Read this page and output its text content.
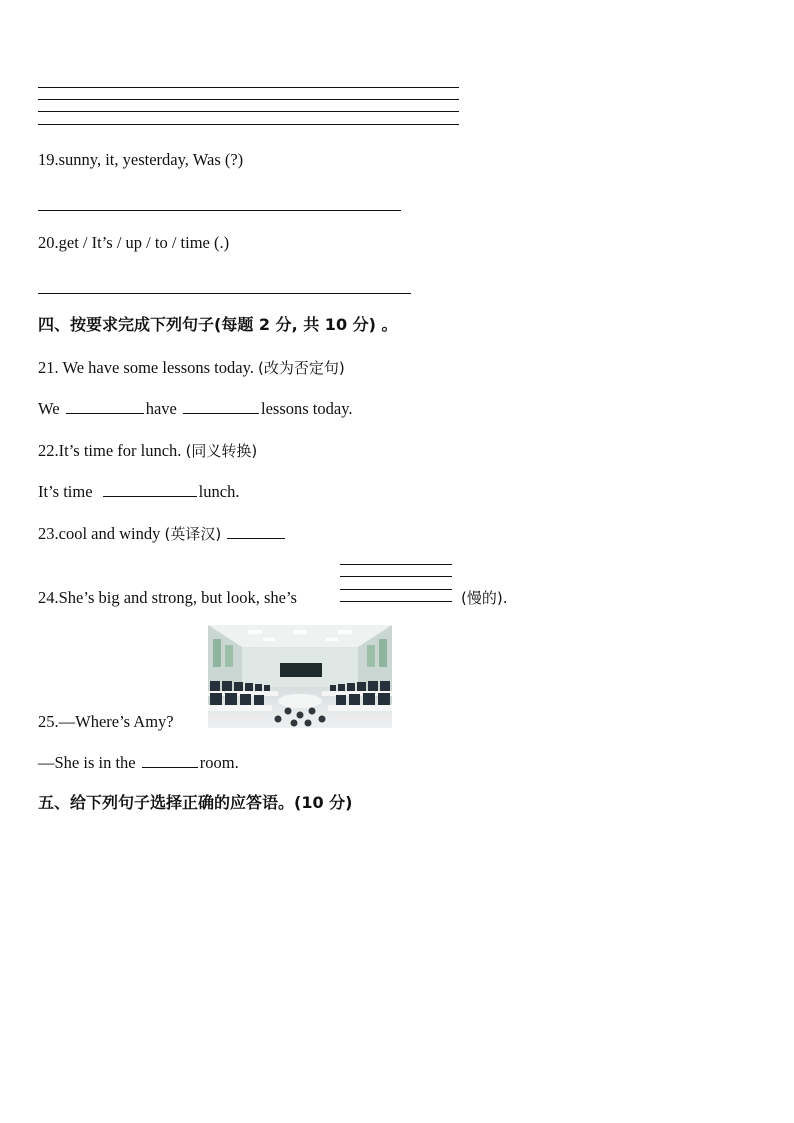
19.sunny, it, yesterday, Was (?)
20.get / It’s / up / to / time (.)
四、按要求完成下列句子(每题 2 分, 共 10 分) 。
21. We have some lessons today. (改为否定句)
We	have	lessons today.
22.It’s time for lunch. (同义转换)
It’s time	lunch.
23.cool and windy (英译汉)
24.She’s big and strong, but look, she’s	(慢的).
25.—Where’s Amy?
—She is in the	room.
五、给下列句子选择正确的应答语。(10 分)
